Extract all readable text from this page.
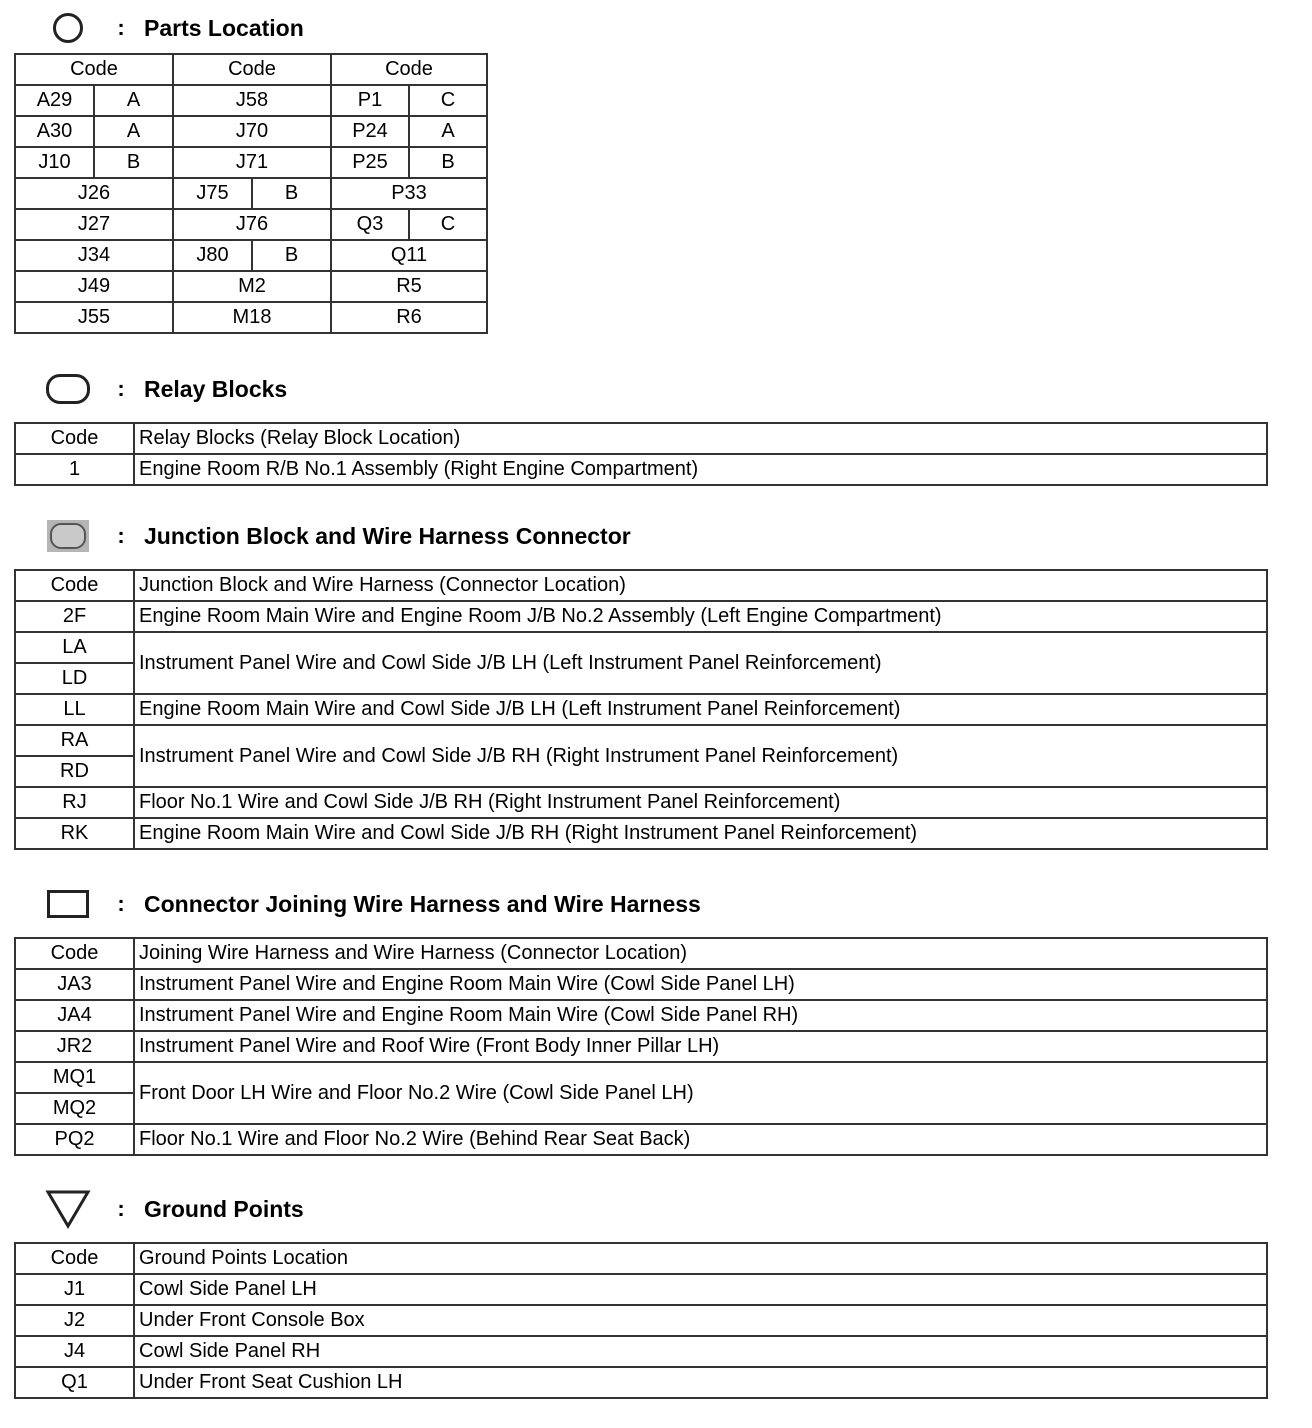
: Parts Location
Code		Code		Code	
A29	A	J58		P1	C
A30	A	J70		P24	A
J10	B	J71		P25	B
J26		J75	B	P33	
J27		J76		Q3	C
J34		J80	B	Q11	
J49		M2		R5	
J55		M18		R6	
: Relay Blocks
Code	Relay Blocks (Relay Block Location)
1	Engine Room R/B No.1 Assembly (Right Engine Compartment)
: Junction Block and Wire Harness Connector
Code	Junction Block and Wire Harness (Connector Location)
2F	Engine Room Main Wire and Engine Room J/B No.2 Assembly (Left Engine Compartment)
LA	Instrument Panel Wire and Cowl Side J/B LH (Left Instrument Panel Reinforcement)
LD	
LL	Engine Room Main Wire and Cowl Side J/B LH (Left Instrument Panel Reinforcement)
RA	Instrument Panel Wire and Cowl Side J/B RH (Right Instrument Panel Reinforcement)
RD	
RJ	Floor No.1 Wire and Cowl Side J/B RH (Right Instrument Panel Reinforcement)
RK	Engine Room Main Wire and Cowl Side J/B RH (Right Instrument Panel Reinforcement)
: Connector Joining Wire Harness and Wire Harness
Code	Joining Wire Harness and Wire Harness (Connector Location)
JA3	Instrument Panel Wire and Engine Room Main Wire (Cowl Side Panel LH)
JA4	Instrument Panel Wire and Engine Room Main Wire (Cowl Side Panel RH)
JR2	Instrument Panel Wire and Roof Wire (Front Body Inner Pillar LH)
MQ1	Front Door LH Wire and Floor No.2 Wire (Cowl Side Panel LH)
MQ2	
PQ2	Floor No.1 Wire and Floor No.2 Wire (Behind Rear Seat Back)
: Ground Points
Code	Ground Points Location
J1	Cowl Side Panel LH
J2	Under Front Console Box
J4	Cowl Side Panel RH
Q1	Under Front Seat Cushion LH
